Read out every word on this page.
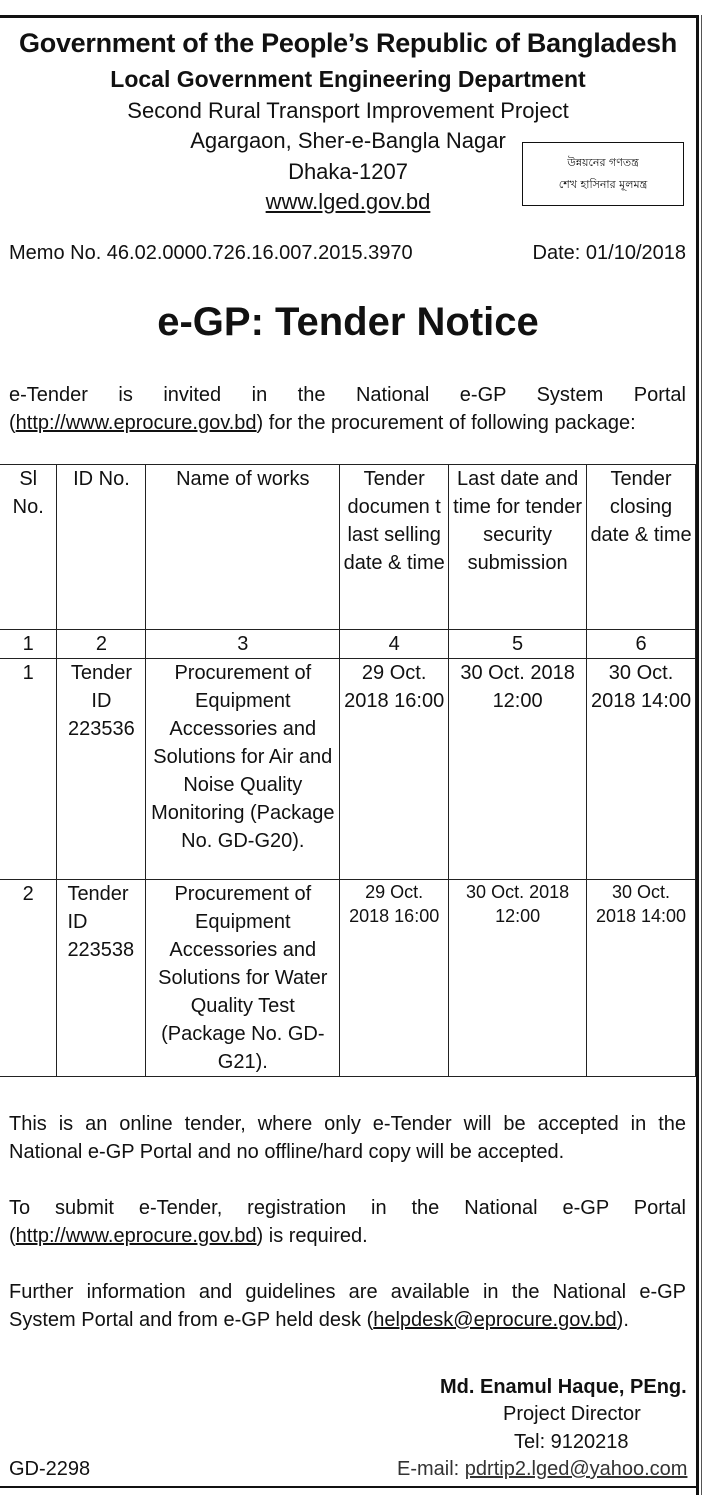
Government of the People’s Republic of Bangladesh
Local Government Engineering Department
Second Rural Transport Improvement Project
Agargaon, Sher-e-Bangla Nagar
Dhaka-1207
www.lged.gov.bd
উন্নয়নের গণতন্ত্র
শেখ হাসিনার মূলমন্ত্র
Memo No. 46.02.0000.726.16.007.2015.3970	Date: 01/10/2018
e-GP: Tender Notice
e-Tender is invited in the National e-GP System Portal (http://www.eprocure.gov.bd) for the procurement of following package:
Sl No.	ID No.	Name of works	Tender documen t last selling date & time	Last date and time for tender security submission	Tender closing date & time
1	2	3	4	5	6
1	Tender ID 223536	Procurement of Equipment Accessories and Solutions for Air and Noise Quality Monitoring (Package No. GD-G20).	29 Oct. 2018 16:00	30 Oct. 2018 12:00	30 Oct. 2018 14:00
2	Tender ID 223538	Procurement of Equipment Accessories and Solutions for Water Quality Test (Package No. GD-G21).	29 Oct. 2018 16:00	30 Oct. 2018 12:00	30 Oct. 2018 14:00
This is an online tender, where only e-Tender will be accepted in the National e-GP Portal and no offline/hard copy will be accepted.
To submit e-Tender, registration in the National e-GP Portal (http://www.eprocure.gov.bd) is required.
Further information and guidelines are available in the National e-GP System Portal and from e-GP held desk (helpdesk@eprocure.gov.bd).
Md. Enamul Haque, PEng.
Project Director
Tel: 9120218
E-mail: pdrtip2.lged@yahoo.com
GD-2298
